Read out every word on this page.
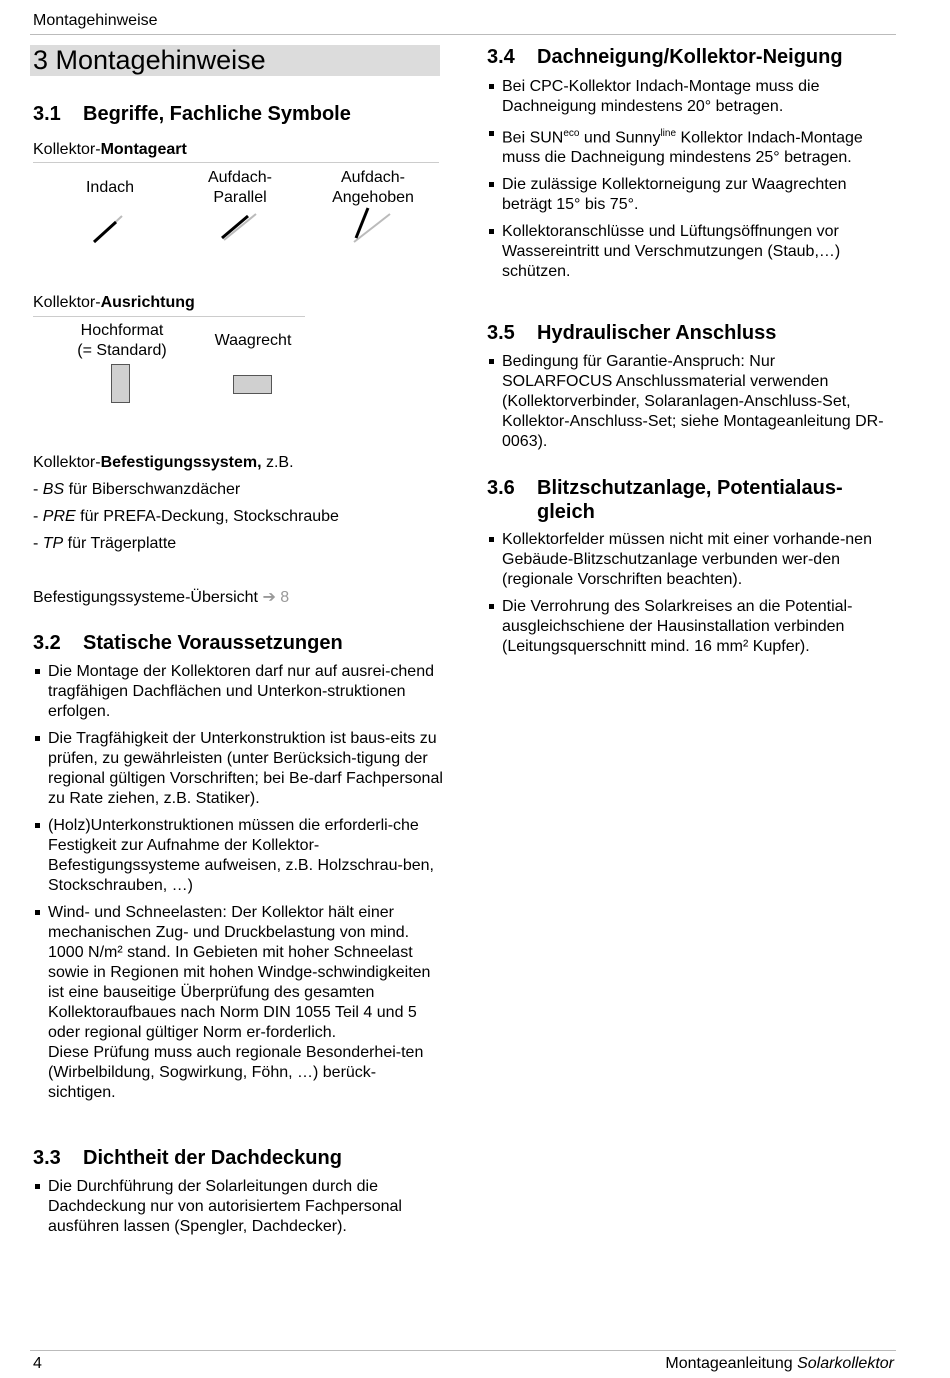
Montagehinweise
3 Montagehinweise
3.1 Begriffe, Fachliche Symbole
Kollektor-Montageart
Indach
Aufdach-
Parallel
Aufdach-
Angehoben
Kollektor-Ausrichtung
Hochformat
(= Standard)
Waagrecht
Kollektor-Befestigungssystem, z.B.
- BS für Biberschwanzdächer
- PRE für PREFA-Deckung, Stockschraube
- TP für Trägerplatte
Befestigungssysteme-Übersicht ➔ 8
3.2 Statische Voraussetzungen
Die Montage der Kollektoren darf nur auf ausrei-chend tragfähigen Dachflächen und Unterkon-struktionen erfolgen.
Die Tragfähigkeit der Unterkonstruktion ist baus-eits zu prüfen, zu gewährleisten (unter Berücksich-tigung der regional gültigen Vorschriften; bei Be-darf Fachpersonal zu Rate ziehen, z.B. Statiker).
(Holz)Unterkonstruktionen müssen die erforderli-che Festigkeit zur Aufnahme der Kollektor-Befestigungssysteme aufweisen, z.B. Holzschrau-ben, Stockschrauben, …)
Wind- und Schneelasten: Der Kollektor hält einer mechanischen Zug- und Druckbelastung von mind. 1000 N/m² stand. In Gebieten mit hoher Schneelast sowie in Regionen mit hohen Windge-schwindigkeiten ist eine bauseitige Überprüfung des gesamten Kollektoraufbaues nach Norm DIN 1055 Teil 4 und 5 oder regional gültiger Norm er-forderlich.
Diese Prüfung muss auch regionale Besonderhei-ten (Wirbelbildung, Sogwirkung, Föhn, …) berück-sichtigen.
3.3 Dichtheit der Dachdeckung
Die Durchführung der Solarleitungen durch die Dachdeckung nur von autorisiertem Fachpersonal ausführen lassen (Spengler, Dachdecker).
3.4 Dachneigung/Kollektor-Neigung
Bei CPC-Kollektor Indach-Montage muss die Dachneigung mindestens 20° betragen.
Bei $SUN^{eco}$ und Sunny$^{line}$ Kollektor Indach-Montage muss die Dachneigung mindestens 25° betragen.
Die zulässige Kollektorneigung zur Waagrechten beträgt 15° bis 75°.
Kollektoranschlüsse und Lüftungsöffnungen vor Wassereintritt und Verschmutzungen (Staub,…) schützen.
3.5 Hydraulischer Anschluss
Bedingung für Garantie-Anspruch: Nur SOLARFOCUS Anschlussmaterial verwenden (Kollektorverbinder, Solaranlagen-Anschluss-Set, Kollektor-Anschluss-Set; siehe Montageanleitung DR-0063).
3.6	Blitzschutzanlage, Potentialaus-
gleich
Kollektorfelder müssen nicht mit einer vorhande-nen Gebäude-Blitzschutzanlage verbunden wer-den (regionale Vorschriften beachten).
Die Verrohrung des Solarkreises an die Potential-ausgleichschiene der Hausinstallation verbinden (Leitungsquerschnitt mind. 16 mm² Kupfer).
4	Montageanleitung Solarkollektor
